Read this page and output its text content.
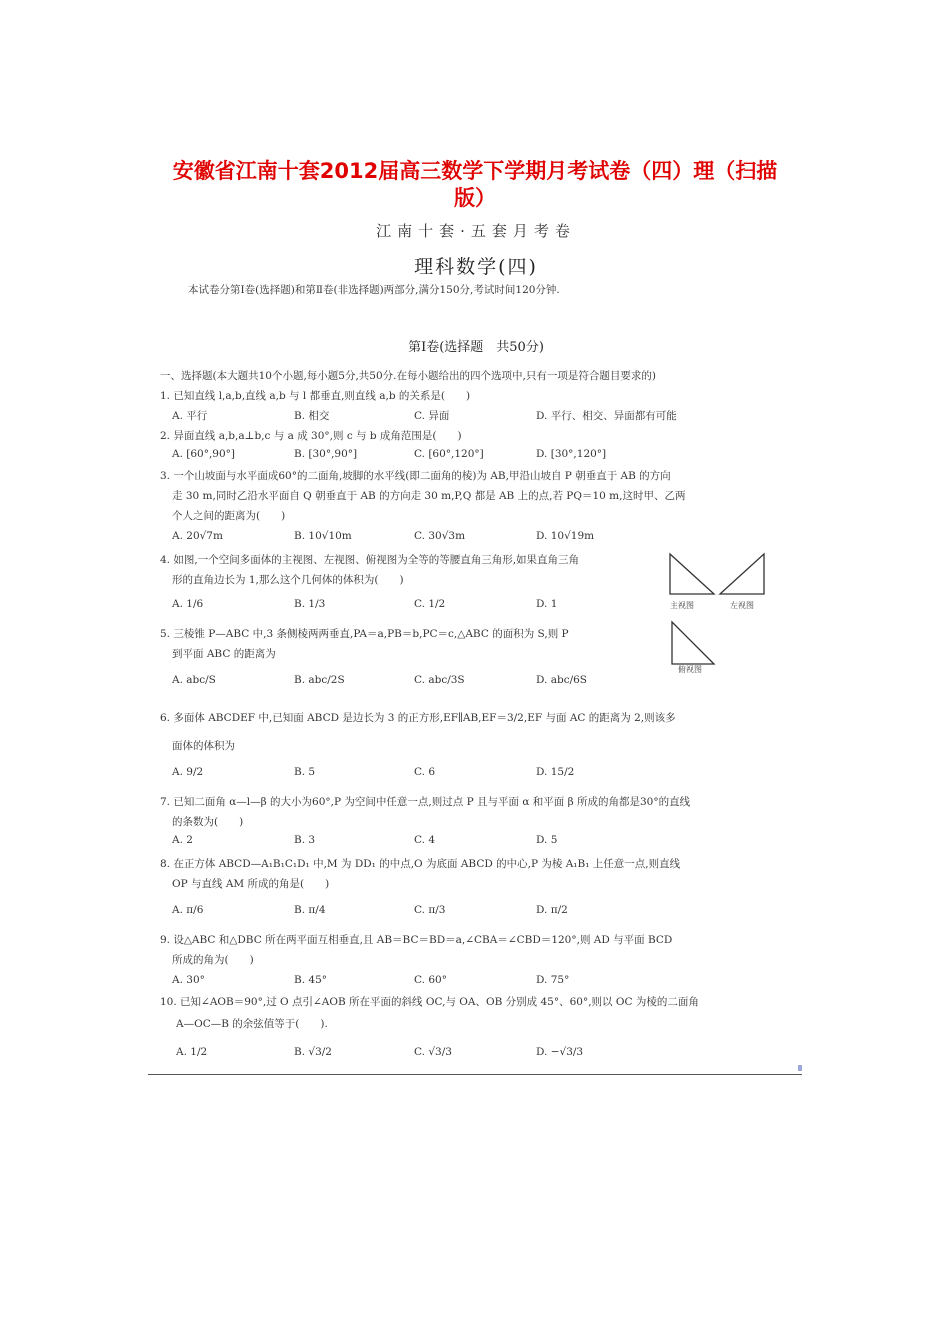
安徽省江南十套2012届高三数学下学期月考试卷（四）理（扫描
版）
江南十套·五套月考卷
理科数学(四)
本试卷分第Ⅰ卷(选择题)和第Ⅱ卷(非选择题)两部分,满分150分,考试时间120分钟.
第Ⅰ卷(选择题　共50分)
一、选择题(本大题共10个小题,每小题5分,共50分.在每小题给出的四个选项中,只有一项是符合题目要求的)
1. 已知直线 l,a,b,直线 a,b 与 l 都垂直,则直线 a,b 的关系是(　　)
A. 平行	B. 相交	C. 异面	D. 平行、相交、异面都有可能
2. 异面直线 a,b,a⊥b,c 与 a 成 30°,则 c 与 b 成角范围是(　　)
A. [60°,90°]	B. [30°,90°]	C. [60°,120°]	D. [30°,120°]
3. 一个山坡面与水平面成60°的二面角,坡脚的水平线(即二面角的棱)为 AB,甲沿山坡自 P 朝垂直于 AB 的方向
走 30 m,同时乙沿水平面自 Q 朝垂直于 AB 的方向走 30 m,P,Q 都是 AB 上的点,若 PQ＝10 m,这时甲、乙两
个人之间的距离为(　　)
A. 20√7m	B. 10√10m	C. 30√3m	D. 10√19m
4. 如图,一个空间多面体的主视图、左视图、俯视图为全等的等腰直角三角形,如果直角三角
形的直角边长为 1,那么这个几何体的体积为(　　)
A. 1/6	B. 1/3	C. 1/2	D. 1	主视图	左视图
俯视图
5. 三棱锥 P—ABC 中,3 条侧棱两两垂直,PA＝a,PB＝b,PC＝c,△ABC 的面积为 S,则 P
到平面 ABC 的距离为
A. abc/S	B. abc/2S	C. abc/3S	D. abc/6S
6. 多面体 ABCDEF 中,已知面 ABCD 是边长为 3 的正方形,EF∥AB,EF＝3/2,EF 与面 AC 的距离为 2,则该多
面体的体积为
A. 9/2	B. 5	C. 6	D. 15/2
7. 已知二面角 α—l—β 的大小为60°,P 为空间中任意一点,则过点 P 且与平面 α 和平面 β 所成的角都是30°的直线
的条数为(　　)
A. 2	B. 3	C. 4	D. 5
8. 在正方体 ABCD—A₁B₁C₁D₁ 中,M 为 DD₁ 的中点,O 为底面 ABCD 的中心,P 为棱 A₁B₁ 上任意一点,则直线
OP 与直线 AM 所成的角是(　　)
A. π/6	B. π/4	C. π/3	D. π/2
9. 设△ABC 和△DBC 所在两平面互相垂直,且 AB＝BC＝BD＝a,∠CBA＝∠CBD＝120°,则 AD 与平面 BCD
所成的角为(　　)
A. 30°	B. 45°	C. 60°	D. 75°
10. 已知∠AOB＝90°,过 O 点引∠AOB 所在平面的斜线 OC,与 OA、OB 分别成 45°、60°,则以 OC 为棱的二面角
A—OC—B 的余弦值等于(　　).
A. 1/2	B. √3/2	C. √3/3	D. −√3/3
